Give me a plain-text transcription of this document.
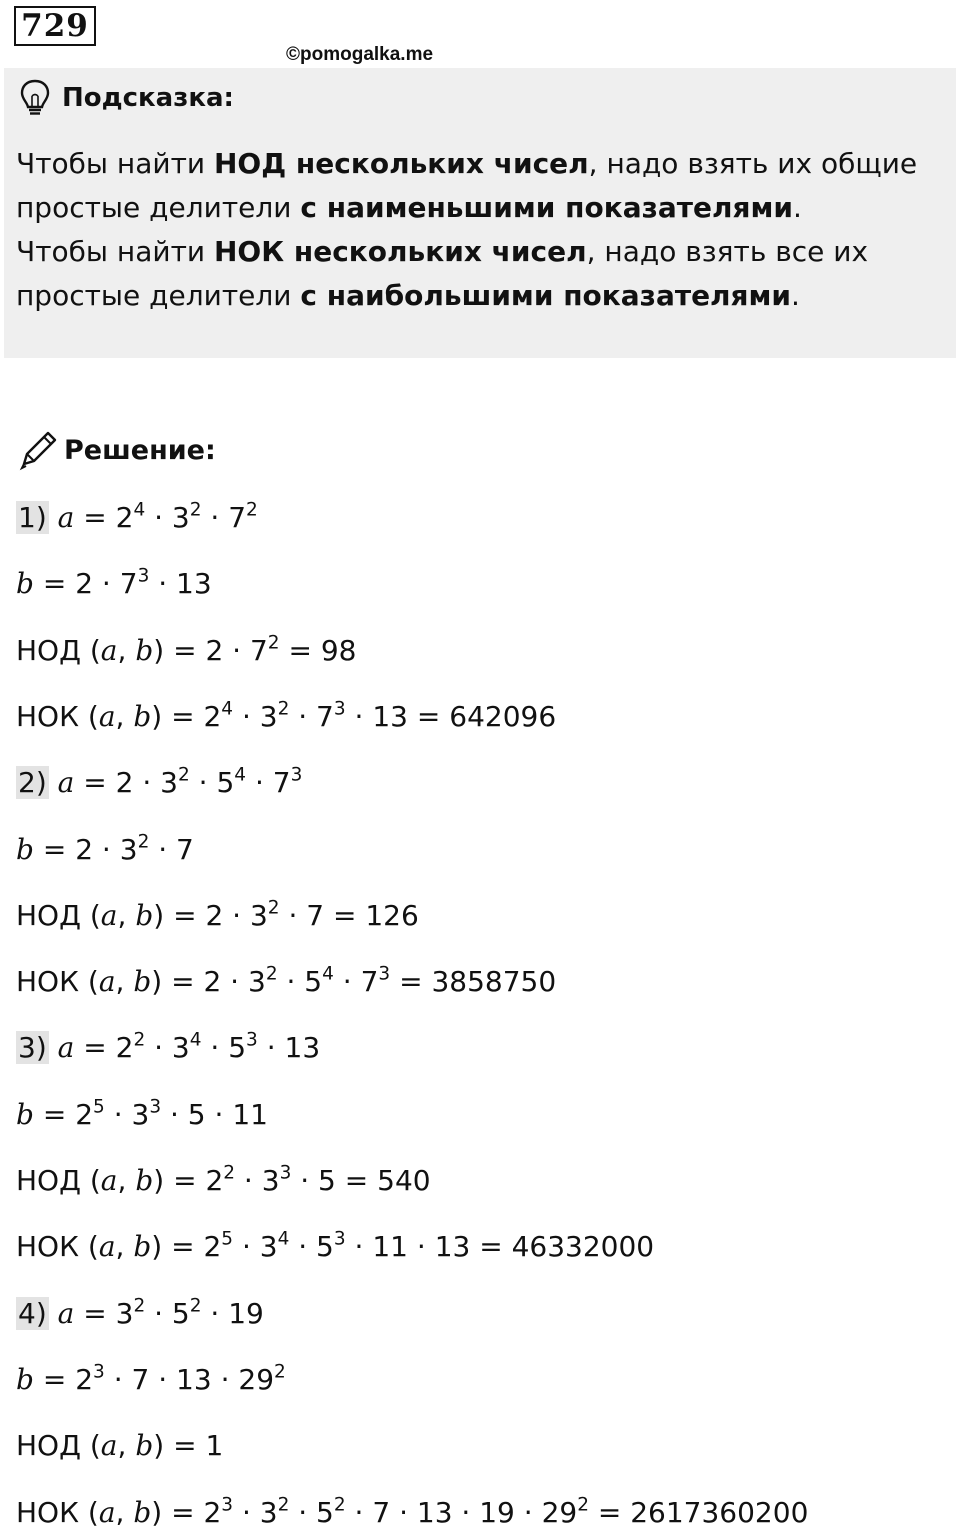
729
©pomogalka.me
Подсказка:
Чтобы найти НОД нескольких чисел, надо взять их общие
простые делители с наименьшими показателями.
Чтобы найти НОК нескольких чисел, надо взять все их
простые делители с наибольшими показателями.
Решение:
1) 𝑎 = $2^4 \cdot 3^2 \cdot 7^2$
𝑏 = $2 \cdot 7^3 \cdot 13$
НОД (𝑎, 𝑏) = $2 \cdot 7^2 = 98$
НОК (𝑎, 𝑏) = $2^4 \cdot 3^2 \cdot 7^3 \cdot 13 = 642096$
2) 𝑎 = $2 \cdot 3^2 \cdot 5^4 \cdot 7^3$
𝑏 = $2 \cdot 3^2 \cdot 7$
НОД (𝑎, 𝑏) = $2 \cdot 3^2 \cdot 7 = 126$
НОК (𝑎, 𝑏) = $2 \cdot 3^2 \cdot 5^4 \cdot 7^3 = 3858750$
3) 𝑎 = $2^2 \cdot 3^4 \cdot 5^3 \cdot 13$
𝑏 = $2^5 \cdot 3^3 \cdot 5 \cdot 11$
НОД (𝑎, 𝑏) = $2^2 \cdot 3^3 \cdot 5 = 540$
НОК (𝑎, 𝑏) = $2^5 \cdot 3^4 \cdot 5^3 \cdot 11 \cdot 13 = 46332000$
4) 𝑎 = $3^2 \cdot 5^2 \cdot 19$
𝑏 = $2^3 \cdot 7 \cdot 13 \cdot 29^2$
НОД (𝑎, 𝑏) = 1
НОК (𝑎, 𝑏) = $2^3 \cdot 3^2 \cdot 5^2 \cdot 7 \cdot 13 \cdot 19 \cdot 29^2 = 2617360200$
